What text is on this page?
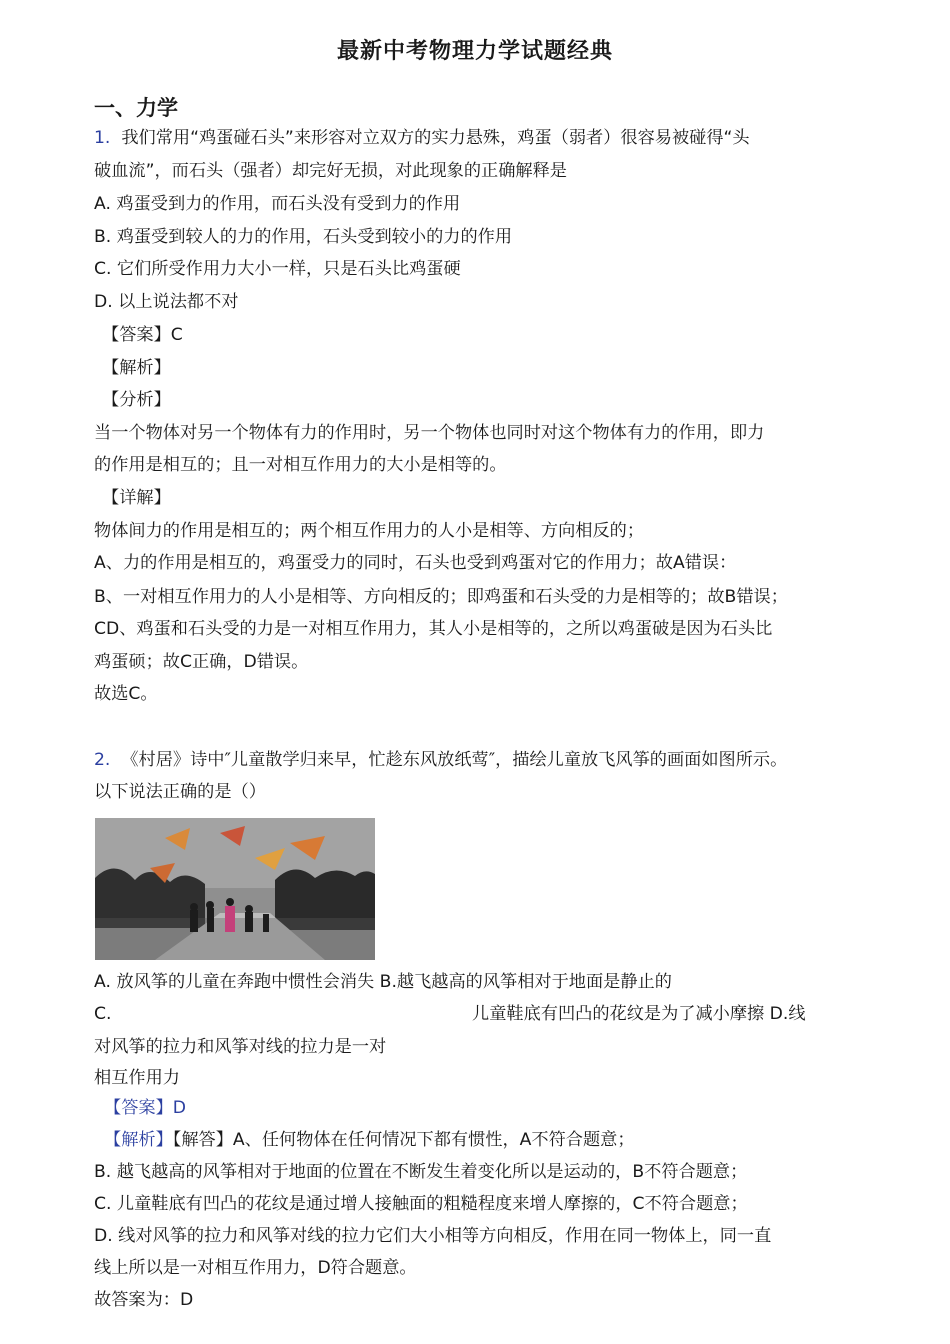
最新中考物理力学试题经典
一、力学
1. 我们常用“鸡蛋碰石头”来形容对立双方的实力悬殊，鸡蛋（弱者）很容易被碰得“头
破血流”，而石头（强者）却完好无损，对此现象的正确解释是
A. 鸡蛋受到力的作用，而石头没有受到力的作用
B. 鸡蛋受到较人的力的作用，石头受到较小的力的作用
C. 它们所受作用力大小一样，只是石头比鸡蛋硬
D. 以上说法都不对
【答案】C
【解析】
【分析】
当一个物体对另一个物体有力的作用时，另一个物体也同时对这个物体有力的作用，即力
的作用是相互的；且一对相互作用力的大小是相等的。
【详解】
物体间力的作用是相互的；两个相互作用力的人小是相等、方向相反的；
A、力的作用是相互的，鸡蛋受力的同时，石头也受到鸡蛋对它的作用力；故A错误：
B、一对相互作用力的人小是相等、方向相反的；即鸡蛋和石头受的力是相等的；故B错误；
CD、鸡蛋和石头受的力是一对相互作用力，其人小是相等的，之所以鸡蛋破是因为石头比
鸡蛋硕；故C正确，D错误。
故选C。
2. 《村居》诗中″儿童散学归来早，忙趁东风放纸莺″，描绘儿童放飞风筝的画面如图所示。
以下说法正确的是（）
A. 放风筝的儿童在奔跑中惯性会消失 B.越飞越高的风筝相对于地面是静止的
C.	儿童鞋底有凹凸的花纹是为了减小摩擦 D.线
对风筝的拉力和风筝对线的拉力是一对
相互作用力
【答案】D
【解析】【解答】A、任何物体在任何情况下都有惯性，A不符合题意；
B. 越飞越高的风筝相对于地面的位置在不断发生着变化所以是运动的，B不符合题意；
C. 儿童鞋底有凹凸的花纹是通过增人接触面的粗糙程度来增人摩擦的，C不符合题意；
D. 线对风筝的拉力和风筝对线的拉力它们大小相等方向相反，作用在同一物体上，同一直
线上所以是一对相互作用力，D符合题意。
故答案为：D
